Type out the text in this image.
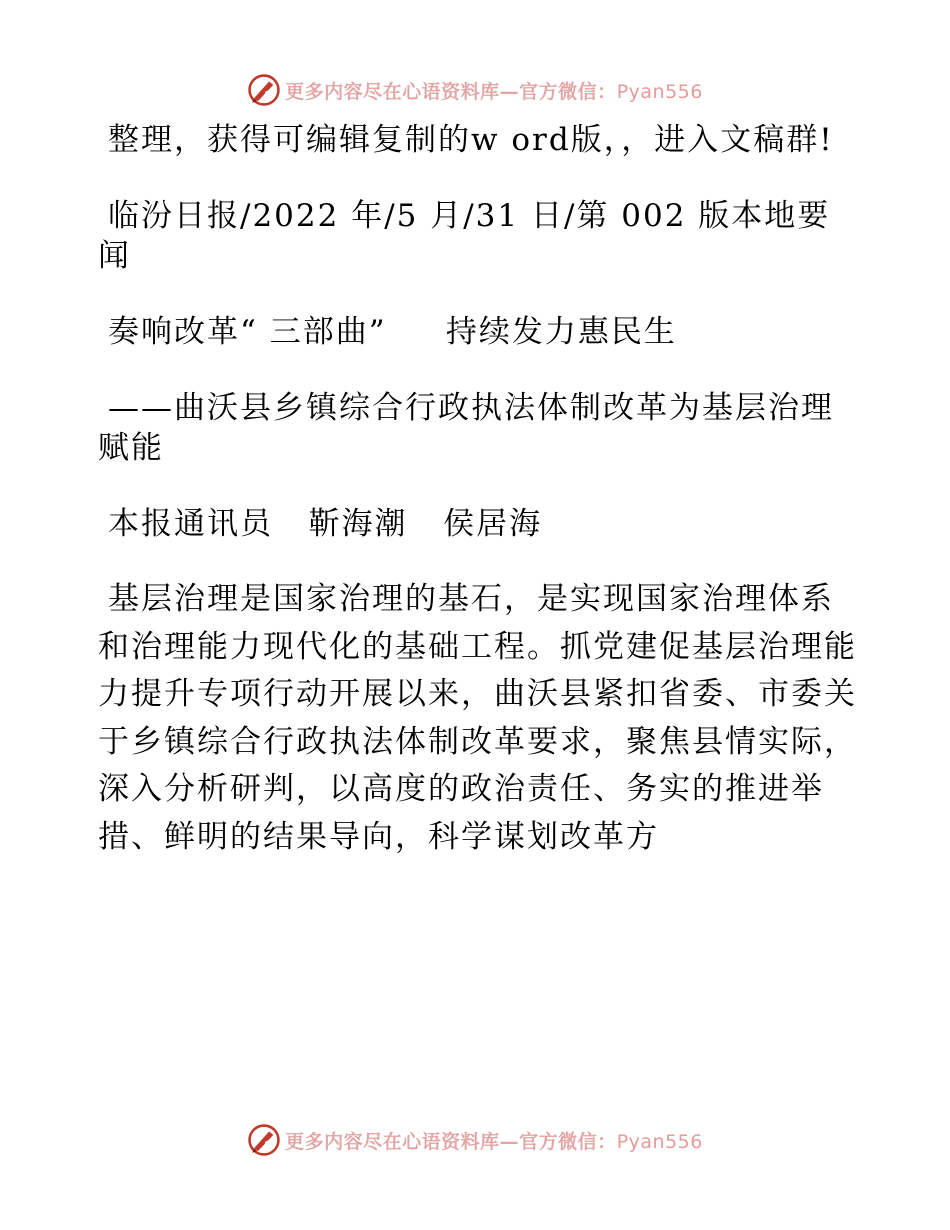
更多内容尽在心语资料库—官方微信：Pyan556

整理，获得可编辑复制的w ord版，，进入文稿群!

临汾日报/2022 年/5 月/31 日/第 002 版本地要闻

奏响改革“ 三部曲”     持续发力惠民生

——曲沃县乡镇综合行政执法体制改革为基层治理赋能

本报通讯员   靳海潮   侯居海

基层治理是国家治理的基石，是实现国家治理体系和治理能力现代化的基础工程。抓党建促基层治理能力提升专项行动开展以来，曲沃县紧扣省委、市委关于乡镇综合行政执法体制改革要求，聚焦县情实际，深入分析研判，以高度的政治责任、务实的推进举措、鲜明的结果导向，科学谋划改革方

更多内容尽在心语资料库—官方微信：Pyan556
